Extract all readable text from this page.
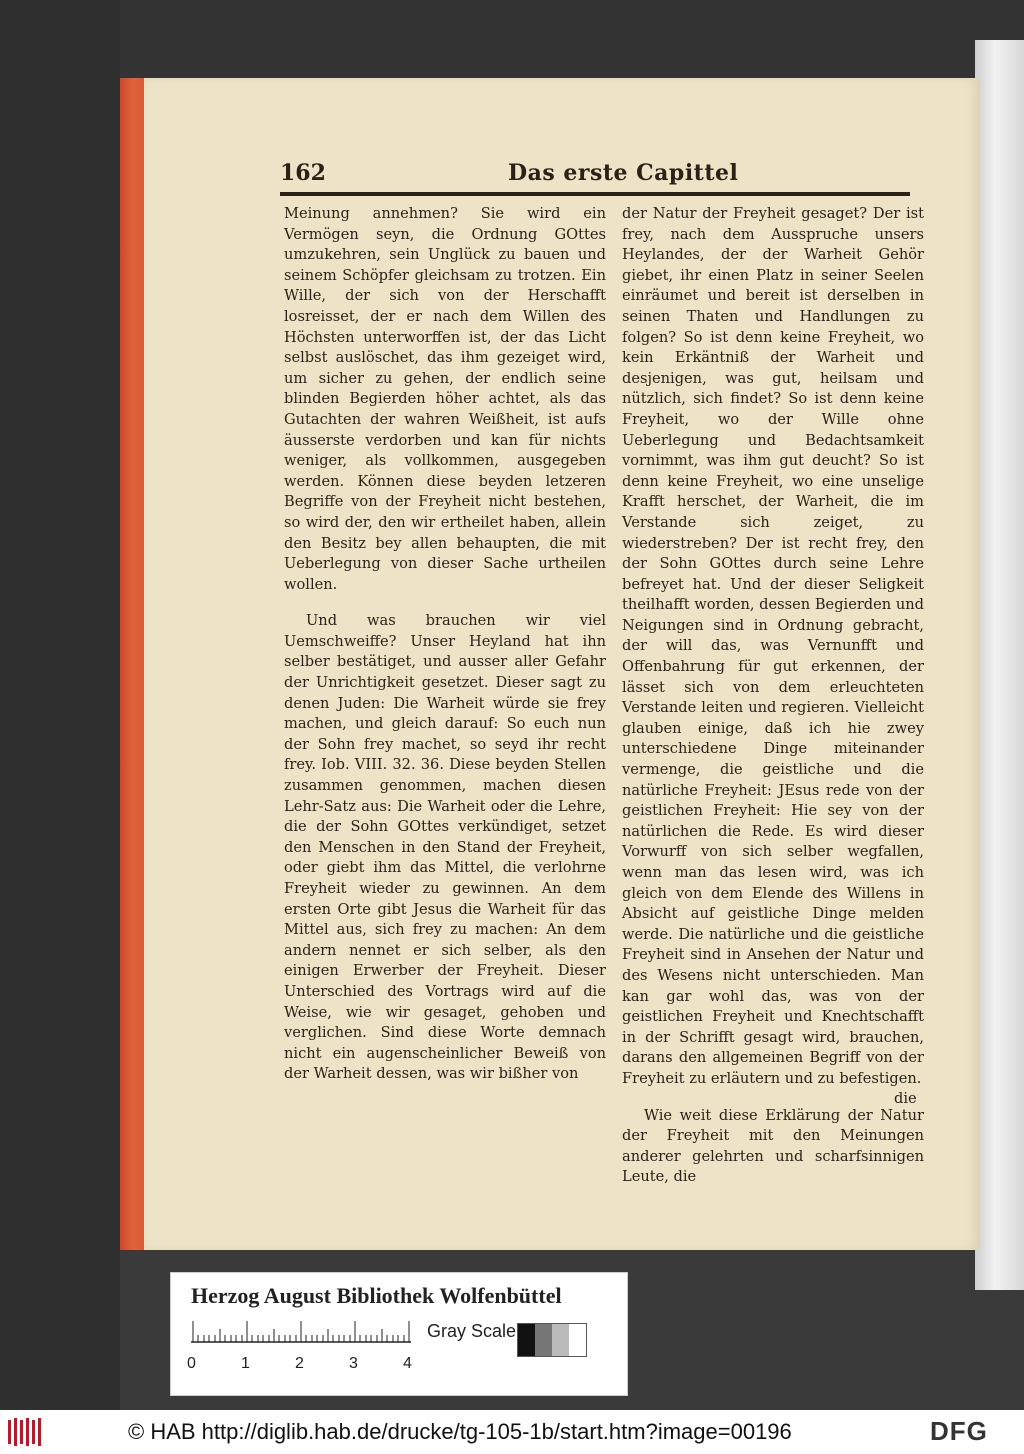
162	Das erste Capittel

Meinung annehmen? Sie wird ein Vermögen seyn, die Ordnung GOttes umzukehren, sein Unglück zu bauen und seinem Schöpfer gleichsam zu trotzen. Ein Wille, der sich von der Herschafft losreisset, der er nach dem Willen des Höchsten unterworffen ist, der das Licht selbst auslöschet, das ihm gezeiget wird, um sicher zu gehen, der endlich seine blinden Begierden höher achtet, als das Gutachten der wahren Weißheit, ist aufs äusserste verdorben und kan für nichts weniger, als vollkommen, ausgegeben werden. Können diese beyden letzeren Begriffe von der Freyheit nicht bestehen, so wird der, den wir ertheilet haben, allein den Besitz bey allen behaupten, die mit Ueberlegung von dieser Sache urtheilen wollen.

Und was brauchen wir viel Uemschweiffe? Unser Heyland hat ihn selber bestätiget, und ausser aller Gefahr der Unrichtigkeit gesetzet. Dieser sagt zu denen Juden: Die Warheit würde sie frey machen, und gleich darauf: So euch nun der Sohn frey machet, so seyd ihr recht frey. Iob. VIII. 32. 36. Diese beyden Stellen zusammen genommen, machen diesen Lehr-Satz aus: Die Warheit oder die Lehre, die der Sohn GOttes verkündiget, setzet den Menschen in den Stand der Freyheit, oder giebt ihm das Mittel, die verlohrne Freyheit wieder zu gewinnen. An dem ersten Orte gibt Jesus die Warheit für das Mittel aus, sich frey zu machen: An dem andern nennet er sich selber, als den einigen Erwerber der Freyheit. Dieser Unterschied des Vortrags wird auf die Weise, wie wir gesaget, gehoben und verglichen. Sind diese Worte demnach nicht ein augenscheinlicher Beweiß von der Warheit dessen, was wir bißher von

der Natur der Freyheit gesaget? Der ist frey, nach dem Ausspruche unsers Heylandes, der der Warheit Gehör giebet, ihr einen Platz in seiner Seelen einräumet und bereit ist derselben in seinen Thaten und Handlungen zu folgen? So ist denn keine Freyheit, wo kein Erkäntniß der Warheit und desjenigen, was gut, heilsam und nützlich, sich findet? So ist denn keine Freyheit, wo der Wille ohne Ueberlegung und Bedachtsamkeit vornimmt, was ihm gut deucht? So ist denn keine Freyheit, wo eine unselige Krafft herschet, der Warheit, die im Verstande sich zeiget, zu wiederstreben? Der ist recht frey, den der Sohn GOttes durch seine Lehre befreyet hat. Und der dieser Seligkeit theilhafft worden, dessen Begierden und Neigungen sind in Ordnung gebracht, der will das, was Vernunfft und Offenbahrung für gut erkennen, der lässet sich von dem erleuchteten Verstande leiten und regieren. Vielleicht glauben einige, daß ich hie zwey unterschiedene Dinge miteinander vermenge, die geistliche und die natürliche Freyheit: JEsus rede von der geistlichen Freyheit: Hie sey von der natürlichen die Rede. Es wird dieser Vorwurff von sich selber wegfallen, wenn man das lesen wird, was ich gleich von dem Elende des Willens in Absicht auf geistliche Dinge melden werde. Die natürliche und die geistliche Freyheit sind in Ansehen der Natur und des Wesens nicht unterschieden. Man kan gar wohl das, was von der geistlichen Freyheit und Knechtschafft in der Schrifft gesagt wird, brauchen, darans den allgemeinen Begriff von der Freyheit zu erläutern und zu befestigen.

Wie weit diese Erklärung der Natur der Freyheit mit den Meinungen anderer gelehrten und scharfsinnigen Leute, die

die
Herzog August Bibliothek Wolfenbüttel
0	1	2	3	4
Gray Scale
© HAB http://diglib.hab.de/drucke/tg-105-1b/start.htm?image=00196	DFG
